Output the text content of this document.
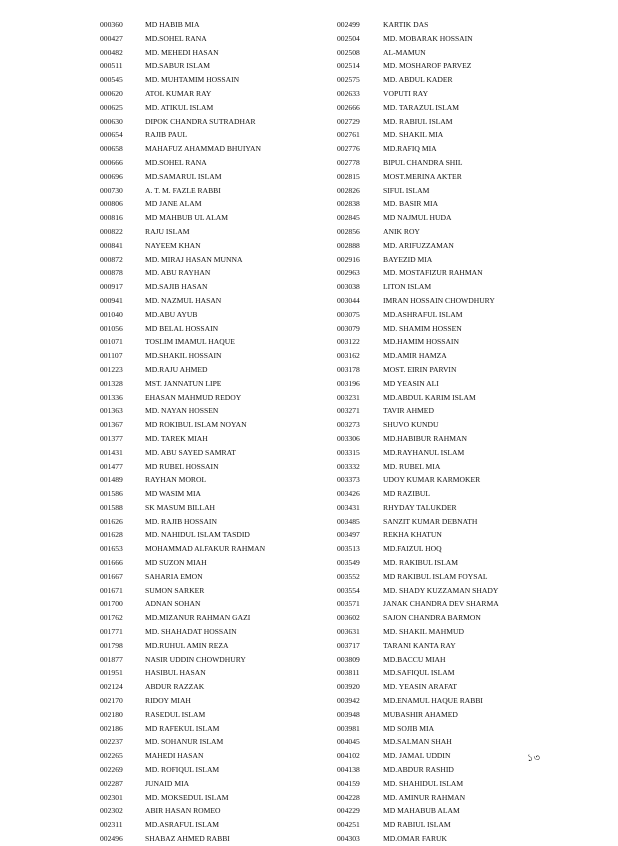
000360	MD HABIB MIA
000427	MD.SOHEL RANA
000482	MD. MEHEDI HASAN
000511	MD.SABUR ISLAM
000545	MD. MUHTAMIM HOSSAIN
000620	ATOL KUMAR RAY
000625	MD. ATIKUL ISLAM
000630	DIPOK CHANDRA SUTRADHAR
000654	RAJIB PAUL
000658	MAHAFUZ AHAMMAD BHUIYAN
000666	MD.SOHEL RANA
000696	MD.SAMARUL ISLAM
000730	A. T. M. FAZLE RABBI
000806	MD JANE ALAM
000816	MD MAHBUB UL ALAM
000822	RAJU ISLAM
000841	NAYEEM KHAN
000872	MD. MIRAJ HASAN MUNNA
000878	MD. ABU RAYHAN
000917	MD.SAJIB HASAN
000941	MD. NAZMUL HASAN
001040	MD.ABU AYUB
001056	MD BELAL HOSSAIN
001071	TOSLIM IMAMUL HAQUE
001107	MD.SHAKIL HOSSAIN
001223	MD.RAJU AHMED
001328	MST. JANNATUN LIPE
001336	EHASAN MAHMUD REDOY
001363	MD. NAYAN HOSSEN
001367	MD ROKIBUL ISLAM NOYAN
001377	MD. TAREK MIAH
001431	MD. ABU SAYED SAMRAT
001477	MD RUBEL HOSSAIN
001489	RAYHAN MOROL
001586	MD WASIM MIA
001588	SK MASUM BILLAH
001626	MD. RAJIB HOSSAIN
001628	MD. NAHIDUL ISLAM TASDID
001653	MOHAMMAD ALFAKUR RAHMAN
001666	MD SUZON MIAH
001667	SAHARIA EMON
001671	SUMON SARKER
001700	ADNAN SOHAN
001762	MD.MIZANUR RAHMAN GAZI
001771	MD. SHAHADAT HOSSAIN
001798	MD.RUHUL AMIN REZA
001877	NASIR UDDIN CHOWDHURY
001951	HASIBUL HASAN
002124	ABDUR RAZZAK
002170	RIDOY MIAH
002180	RASEDUL ISLAM
002186	MD RAFEKUL ISLAM
002237	MD. SOHANUR ISLAM
002265	MAHEDI HASAN
002269	MD. ROFIQUL ISLAM
002287	JUNAID MIA
002301	MD. MOKSEDUL ISLAM
002302	ABIR HASAN ROMEO
002311	MD.ASRAFUL ISLAM
002496	SHABAZ AHMED RABBI
002499	KARTIK DAS
002504	MD. MOBARAK HOSSAIN
002508	AL-MAMUN
002514	MD. MOSHAROF PARVEZ
002575	MD. ABDUL KADER
002633	VOPUTI RAY
002666	MD. TARAZUL ISLAM
002729	MD. RABIUL ISLAM
002761	MD. SHAKIL MIA
002776	MD.RAFIQ MIA
002778	BIPUL CHANDRA SHIL
002815	MOST.MERINA AKTER
002826	SIFUL ISLAM
002838	MD. BASIR MIA
002845	MD NAJMUL HUDA
002856	ANIK ROY
002888	MD. ARIFUZZAMAN
002916	BAYEZID MIA
002963	MD. MOSTAFIZUR RAHMAN
003038	LITON ISLAM
003044	IMRAN HOSSAIN CHOWDHURY
003075	MD.ASHRAFUL ISLAM
003079	MD. SHAMIM HOSSEN
003122	MD.HAMIM HOSSAIN
003162	MD.AMIR HAMZA
003178	MOST. EIRIN PARVIN
003196	MD YEASIN ALI
003231	MD.ABDUL KARIM ISLAM
003271	TAVIR AHMED
003273	SHUVO KUNDU
003306	MD.HABIBUR RAHMAN
003315	MD.RAYHANUL ISLAM
003332	MD. RUBEL MIA
003373	UDOY KUMAR KARMOKER
003426	MD RAZIBUL
003431	RHYDAY TALUKDER
003485	SANZIT KUMAR DEBNATH
003497	REKHA KHATUN
003513	MD.FAIZUL HOQ
003549	MD. RAKIBUL ISLAM
003552	MD RAKIBUL ISLAM FOYSAL
003554	MD. SHADY KUZZAMAN SHADY
003571	JANAK CHANDRA DEV SHARMA
003602	SAJON CHANDRA BARMON
003631	MD. SHAKIL MAHMUD
003717	TARANI KANTA RAY
003809	MD.BACCU MIAH
003811	MD.SAFIQUL ISLAM
003920	MD. YEASIN ARAFAT
003942	MD.ENAMUL HAQUE RABBI
003948	MUBASHIR AHAMED
003981	MD SOJIB MIA
004045	MD.SALMAN SHAH
004102	MD. JAMAL UDDIN
004138	MD.ABDUR RASHID
004159	MD. SHAHIDUL ISLAM
004228	MD. AMINUR RAHMAN
004229	MD MAHABUB ALAM
004251	MD RABIUL ISLAM
004303	MD.OMAR FARUK
১৩
